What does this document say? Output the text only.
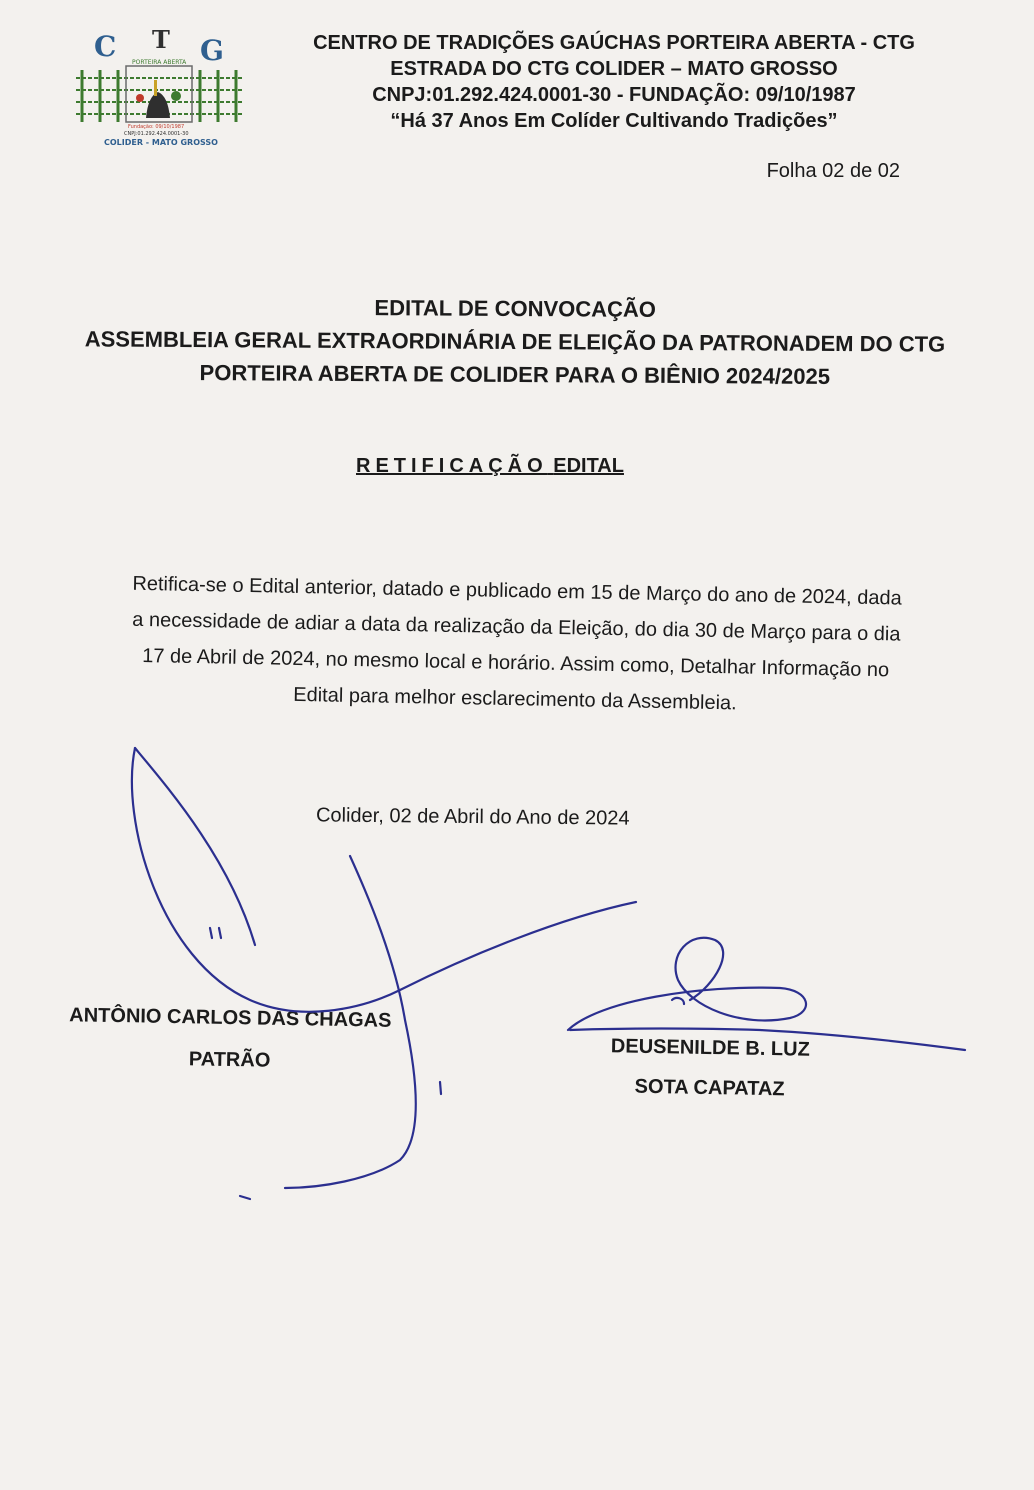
C T G
PORTEIRA ABERTA
Fundação: 09/10/1987
CNPJ:01.292.424.0001-30
COLIDER - MATO GROSSO
CENTRO DE TRADIÇÕES GAÚCHAS PORTEIRA ABERTA - CTG
ESTRADA DO CTG COLIDER – MATO GROSSO
CNPJ:01.292.424.0001-30 - FUNDAÇÃO: 09/10/1987
“Há 37 Anos Em Colíder Cultivando Tradições”
Folha 02 de 02
EDITAL DE CONVOCAÇÃO
ASSEMBLEIA GERAL EXTRAORDINÁRIA DE ELEIÇÃO DA PATRONADEM DO CTG
PORTEIRA ABERTA DE COLIDER PARA O BIÊNIO 2024/2025
RETIFICAÇÃO EDITAL
Retifica-se o Edital anterior, datado e publicado em 15 de Março do ano de 2024, dada
a necessidade de adiar a data da realização da Eleição, do dia 30 de Março para o dia
17 de Abril de 2024, no mesmo local e horário. Assim como, Detalhar Informação no
Edital para melhor esclarecimento da Assembleia.
Colider, 02 de Abril do Ano de 2024
ANTÔNIO CARLOS DAS CHAGAS
PATRÃO	DEUSENILDE B. LUZ
SOTA CAPATAZ
